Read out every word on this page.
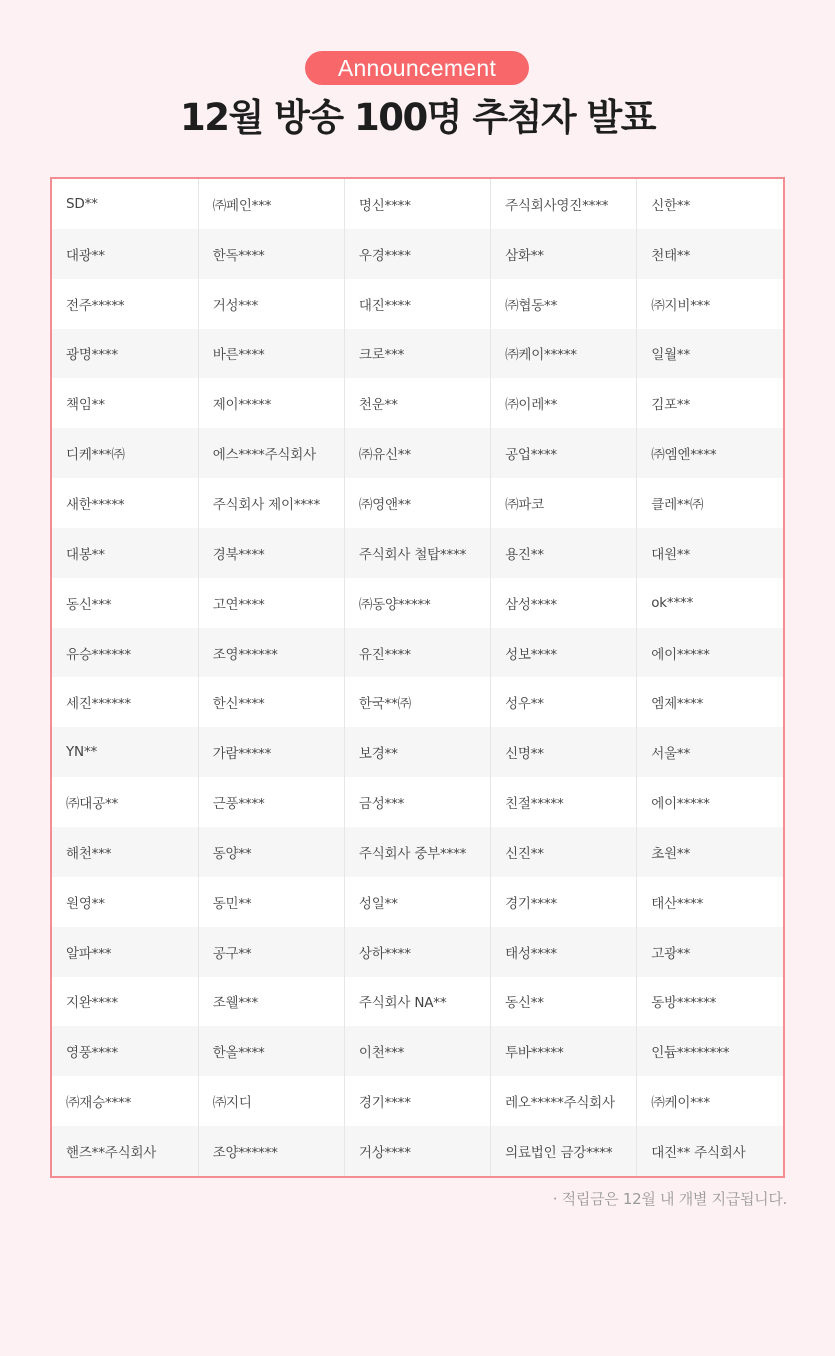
Announcement
12월 방송 100명 추첨자 발표
SD**	㈜페인***	명신****	주식회사영진****	신한**
대광**	한독****	우경****	삼화**	천태**
전주*****	거성***	대진****	㈜협동**	㈜지비***
광명****	바른****	크로***	㈜케이*****	일월**
책임**	제이*****	천운**	㈜이레**	김포**
디케***㈜	에스****주식회사	㈜유신**	공업****	㈜엠엔****
새한*****	주식회사 제이****	㈜영앤**	㈜파코	클레**㈜
대봉**	경북****	주식회사 철탑****	용진**	대원**
동신***	고연****	㈜동양*****	삼성****	ok****
유승******	조영******	유진****	성보****	에이*****
세진******	한신****	한국**㈜	성우**	엠제****
YN**	가람*****	보경**	신명**	서울**
㈜대공**	근풍****	금성***	친절*****	에이*****
해천***	동양**	주식회사 중부****	신진**	초원**
원영**	동민**	성일**	경기****	태산****
알파***	공구**	상하****	태성****	고광**
지완****	조웰***	주식회사 NA**	동신**	동방******
영풍****	한올****	이천***	투바*****	인듐********
㈜재승****	㈜지디	경기****	레오*****주식회사	㈜케이***
핸즈**주식회사	조양******	거상****	의료법인 금강****	대진** 주식회사
· 적립금은 12월 내 개별 지급됩니다.
